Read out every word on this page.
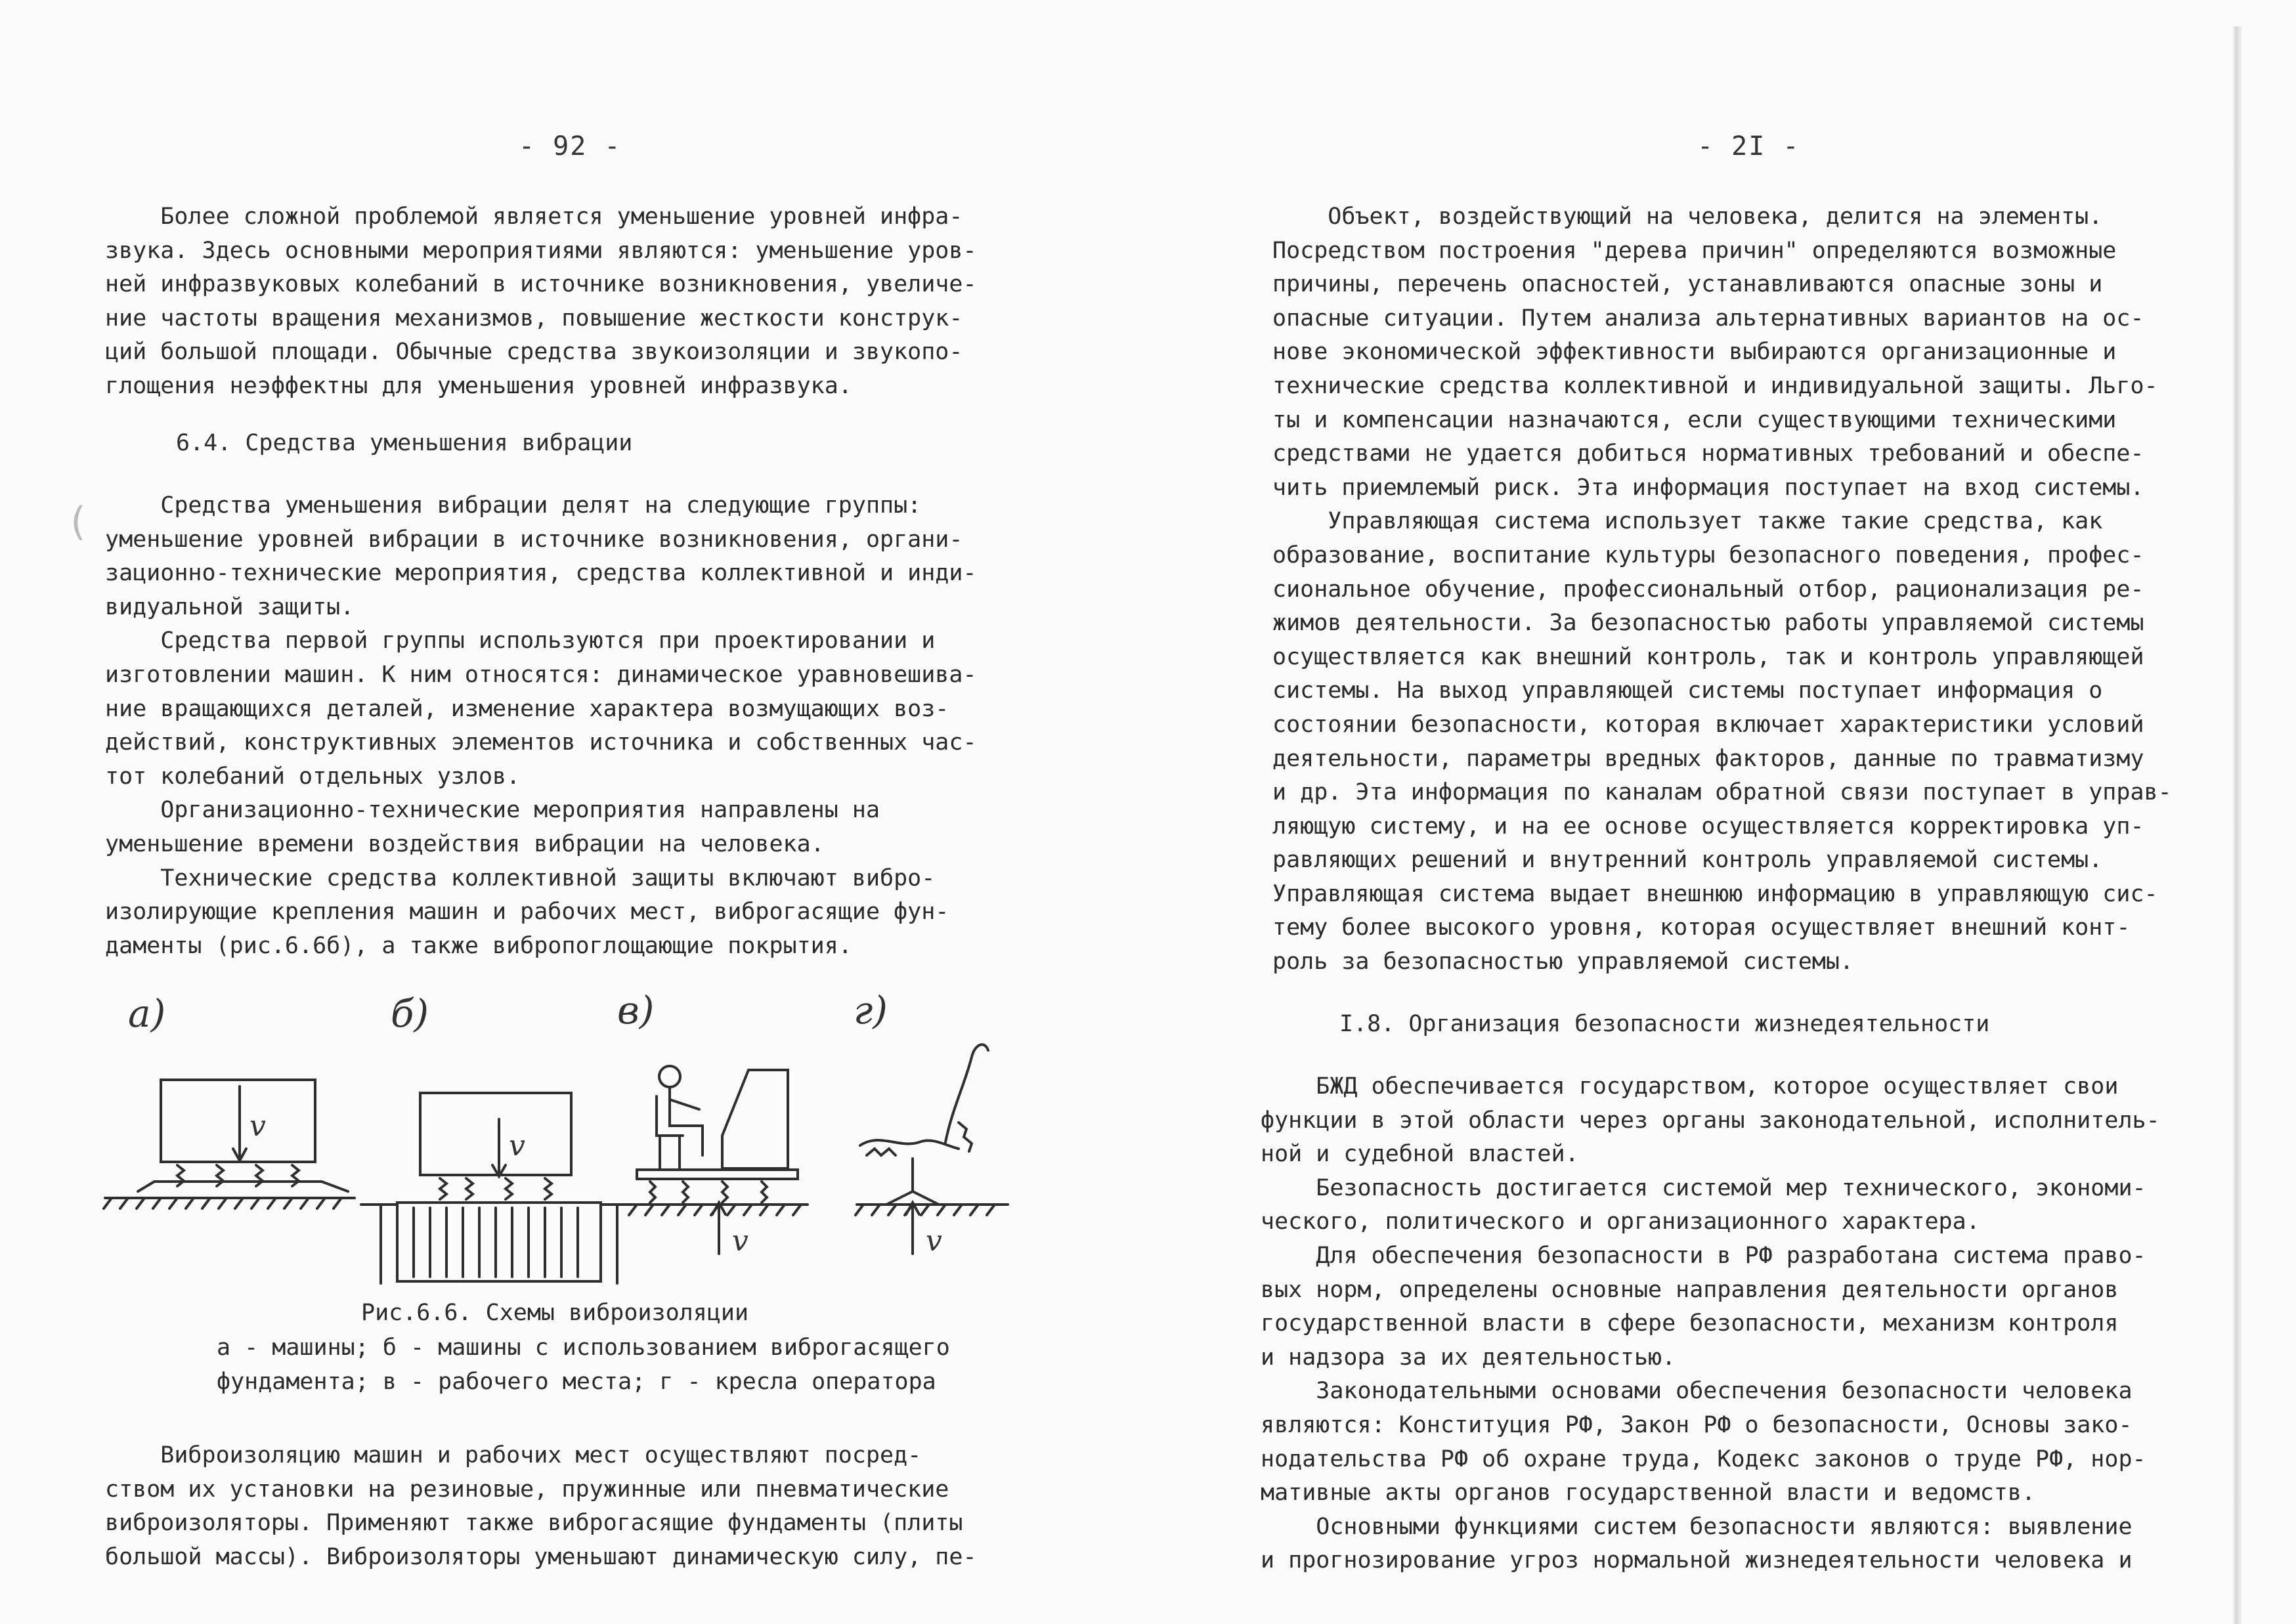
- 92 -
Более сложной проблемой является уменьшение уровней инфра-
звука. Здесь основными мероприятиями являются: уменьшение уров-
ней инфразвуковых колебаний в источнике возникновения, увеличе-
ние частоты вращения механизмов, повышение жесткости конструк-
ций большой площади. Обычные средства звукоизоляции и звукопо-
глощения неэффектны для уменьшения уровней инфразвука.
6.4. Средства уменьшения вибрации
Средства уменьшения вибрации делят на следующие группы:
уменьшение уровней вибрации в источнике возникновения, органи-
зационно-технические мероприятия, средства коллективной и инди-
видуальной защиты.
Средства первой группы используются при проектировании и
изготовлении машин. К ним относятся: динамическое уравновешива-
ние вращающихся деталей, изменение характера возмущающих воз-
действий, конструктивных элементов источника и собственных час-
тот колебаний отдельных узлов.
Организационно-технические мероприятия направлены на
уменьшение времени воздействия вибрации на человека.
Технические средства коллективной защиты включают вибро-
изолирующие крепления машин и рабочих мест, виброгасящие фун-
даменты (рис.6.6б), а также вибропоглощающие покрытия.
а)	б)	в)	г)
v
v
v	v
Рис.6.6. Схемы виброизоляции
а - машины; б - машины с использованием виброгасящего
фундамента; в - рабочего места; г - кресла оператора
Виброизоляцию машин и рабочих мест осуществляют посред-
ством их установки на резиновые, пружинные или пневматические
виброизоляторы. Применяют также виброгасящие фундаменты (плиты
большой массы). Виброизоляторы уменьшают динамическую силу, пе-
(
- 2I -
Объект, воздействующий на человека, делится на элементы.
Посредством построения "дерева причин" определяются возможные
причины, перечень опасностей, устанавливаются опасные зоны и
опасные ситуации. Путем анализа альтернативных вариантов на ос-
нове экономической эффективности выбираются организационные и
технические средства коллективной и индивидуальной защиты. Льго-
ты и компенсации назначаются, если существующими техническими
средствами не удается добиться нормативных требований и обеспе-
чить приемлемый риск. Эта информация поступает на вход системы.
Управляющая система использует также такие средства, как
образование, воспитание культуры безопасного поведения, профес-
сиональное обучение, профессиональный отбор, рационализация ре-
жимов деятельности. За безопасностью работы управляемой системы
осуществляется как внешний контроль, так и контроль управляющей
системы. На выход управляющей системы поступает информация о
состоянии безопасности, которая включает характеристики условий
деятельности, параметры вредных факторов, данные по травматизму
и др. Эта информация по каналам обратной связи поступает в управ-
ляющую систему, и на ее основе осуществляется корректировка уп-
равляющих решений и внутренний контроль управляемой системы.
Управляющая система выдает внешнюю информацию в управляющую сис-
тему более высокого уровня, которая осуществляет внешний конт-
роль за безопасностью управляемой системы.
I.8. Организация безопасности жизнедеятельности
БЖД обеспечивается государством, которое осуществляет свои
функции в этой области через органы законодательной, исполнитель-
ной и судебной властей.
Безопасность достигается системой мер технического, экономи-
ческого, политического и организационного характера.
Для обеспечения безопасности в РФ разработана система право-
вых норм, определены основные направления деятельности органов
государственной власти в сфере безопасности, механизм контроля
и надзора за их деятельностью.
Законодательными основами обеспечения безопасности человека
являются: Конституция РФ, Закон РФ о безопасности, Основы зако-
нодательства РФ об охране труда, Кодекс законов о труде РФ, нор-
мативные акты органов государственной власти и ведомств.
Основными функциями систем безопасности являются: выявление
и прогнозирование угроз нормальной жизнедеятельности человека и
